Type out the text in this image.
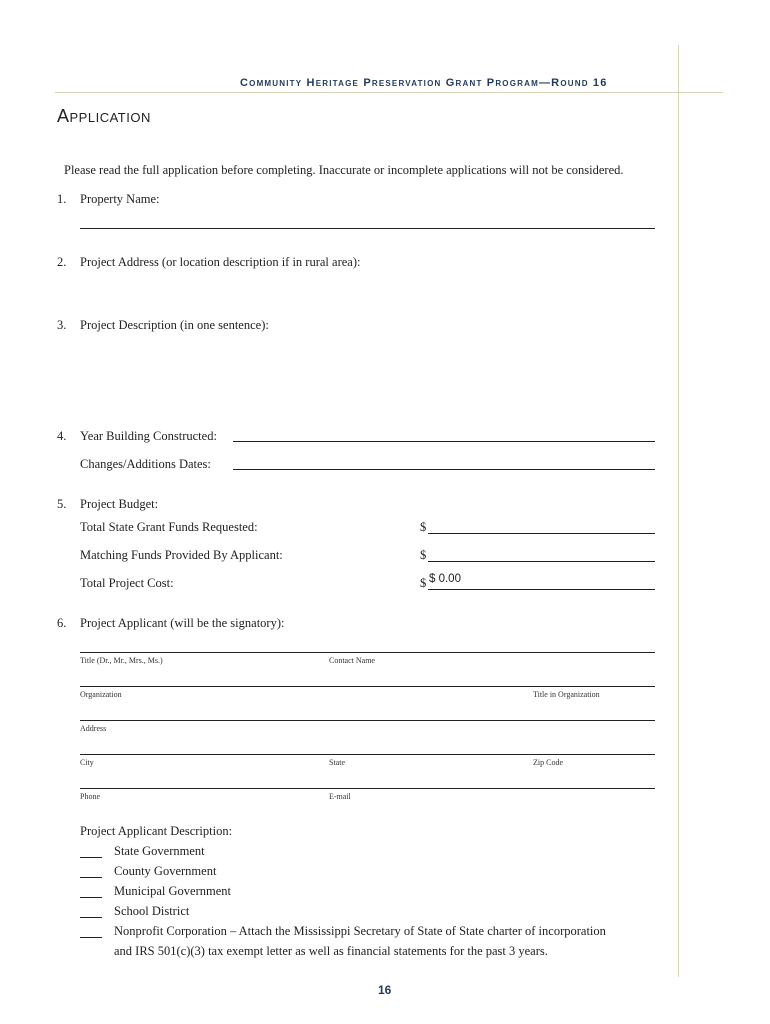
Community Heritage Preservation Grant Program—Round 16
Application
Please read the full application before completing. Inaccurate or incomplete applications will not be considered.
1. Property Name:
2. Project Address (or location description if in rural area):
3. Project Description (in one sentence):
4. Year Building Constructed:
Changes/Additions Dates:
5. Project Budget:
Total State Grant Funds Requested:	$
Matching Funds Provided By Applicant:	$
Total Project Cost:	$ $ 0.00
6. Project Applicant (will be the signatory):
Title (Dr., Mr., Mrs., Ms.)	Contact Name
Organization	Title in Organization
Address
City	State	Zip Code
Phone	E-mail
Project Applicant Description:
State Government
County Government
Municipal Government
School District
Nonprofit Corporation – Attach the Mississippi Secretary of State of State charter of incorporation
and IRS 501(c)(3) tax exempt letter as well as financial statements for the past 3 years.
16
